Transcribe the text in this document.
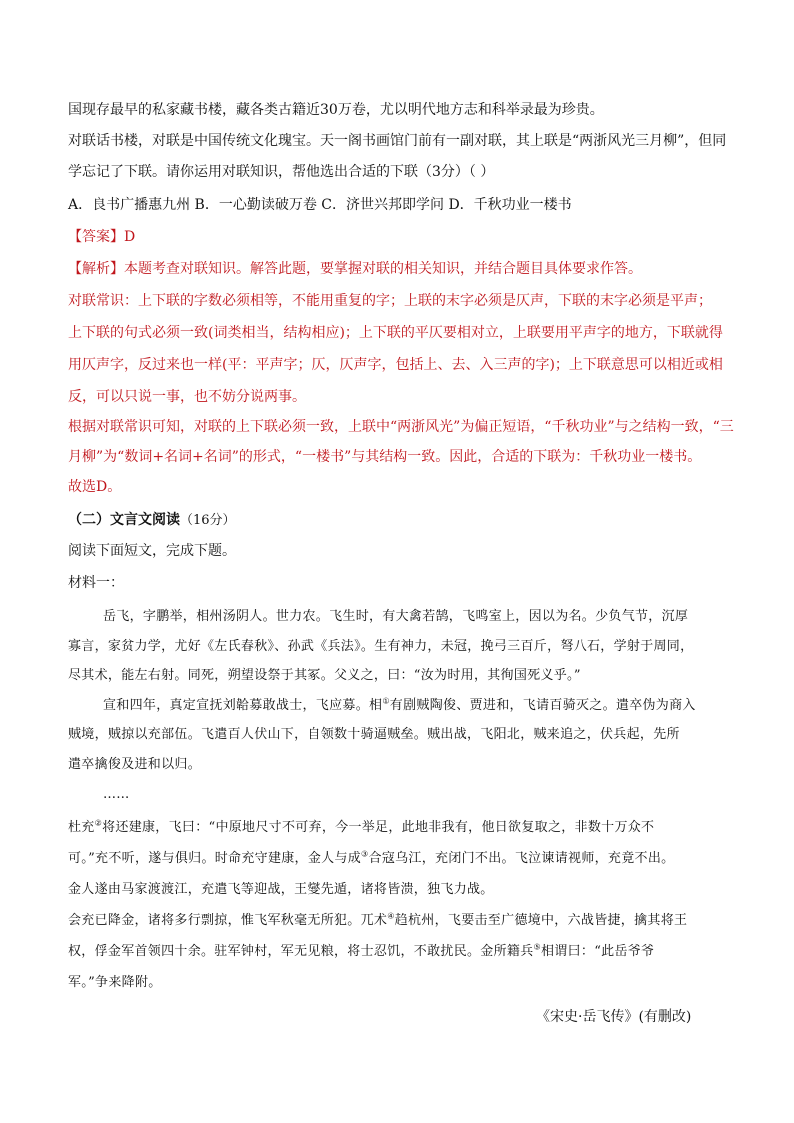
国现存最早的私家藏书楼，藏各类古籍近30万卷，尤以明代地方志和科举录最为珍贵。
对联话书楼，对联是中国传统文化瑰宝。天一阁书画馆门前有一副对联，其上联是“两浙风光三月柳”，但同
学忘记了下联。请你运用对联知识，帮他选出合适的下联（3分）（ ）
A．良书广播惠九州 B．一心勤读破万卷 C．济世兴邦即学问 D．千秋功业一楼书
【答案】D
【解析】本题考查对联知识。解答此题，要掌握对联的相关知识，并结合题目具体要求作答。
对联常识：上下联的字数必须相等，不能用重复的字；上联的末字必须是仄声，下联的末字必须是平声；
上下联的句式必须一致(词类相当，结构相应)；上下联的平仄要相对立，上联要用平声字的地方，下联就得
用仄声字，反过来也一样(平：平声字；仄，仄声字，包括上、去、入三声的字)；上下联意思可以相近或相
反，可以只说一事，也不妨分说两事。
根据对联常识可知，对联的上下联必须一致，上联中“两浙风光”为偏正短语，“千秋功业”与之结构一致，“三
月柳”为“数词+名词+名词”的形式，“一楼书”与其结构一致。因此，合适的下联为：千秋功业一楼书。
故选D。
（二）文言文阅读（16分）
阅读下面短文，完成下题。
材料一：
岳飞，字鹏举，相州汤阴人。世力农。飞生时，有大禽若鹄，飞鸣室上，因以为名。少负气节，沉厚
寡言，家贫力学，尤好《左氏春秋》、孙武《兵法》。生有神力，未冠，挽弓三百斤，弩八石，学射于周同，
尽其术，能左右射。同死，朔望设祭于其冢。父义之，曰：“汝为时用，其徇国死义乎。”
宣和四年，真定宣抚刘韐募敢战士，飞应募。相①有剧贼陶俊、贾进和，飞请百骑灭之。遣卒伪为商入
贼境，贼掠以充部伍。飞遣百人伏山下，自领数十骑逼贼垒。贼出战，飞阳北，贼来追之，伏兵起，先所
遣卒擒俊及进和以归。
……
杜充②将还建康，飞曰：“中原地尺寸不可弃，今一举足，此地非我有，他日欲复取之，非数十万众不
可。”充不听，遂与俱归。时命充守建康，金人与成③合寇乌江，充闭门不出。飞泣谏请视师，充竟不出。
金人遂由马家渡渡江，充遣飞等迎战，王燮先遁，诸将皆溃，独飞力战。
会充已降金，诸将多行剽掠，惟飞军秋毫无所犯。兀术④趋杭州，飞要击至广德境中，六战皆捷，擒其将王
权，俘金军首领四十余。驻军钟村，军无见粮，将士忍饥，不敢扰民。金所籍兵⑤相谓曰：“此岳爷爷
军。”争来降附。
《宋史·岳飞传》(有删改)
